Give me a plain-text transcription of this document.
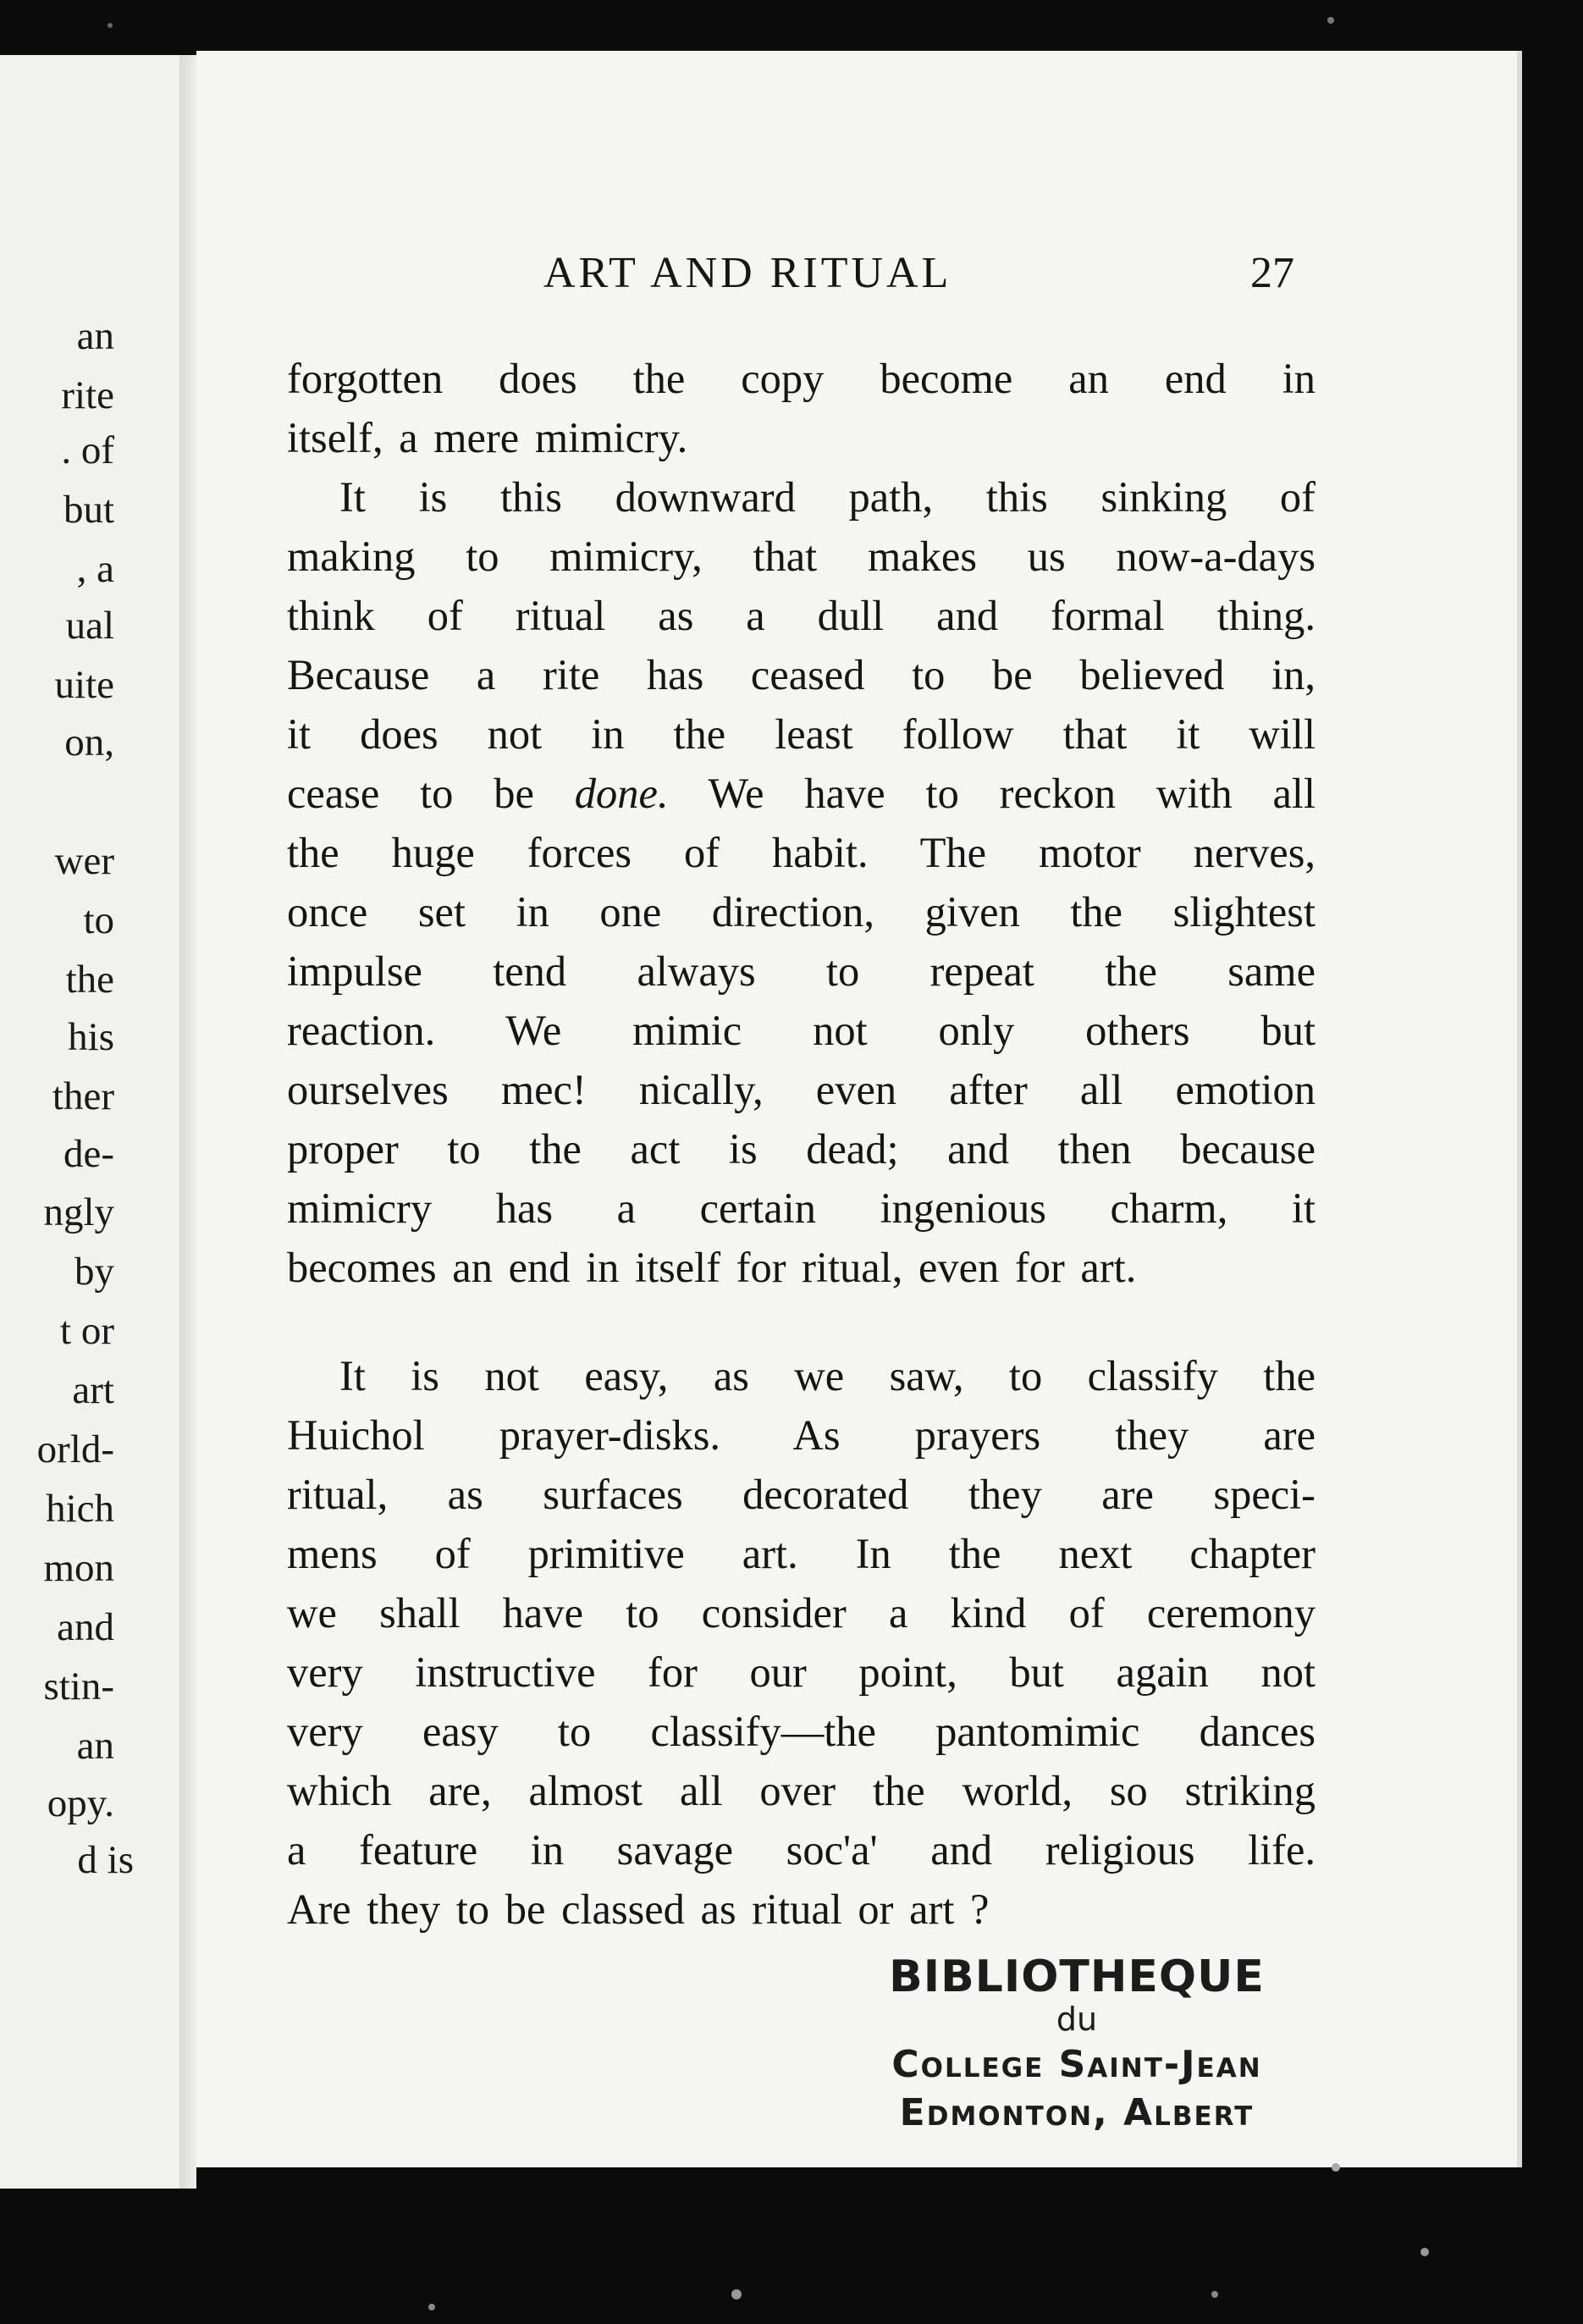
an
rite
. of
but
, a
ual
uite
on,
wer
to
the
his
ther
de-
ngly
by
t or
art
orld-
hich
mon
and
stin-
an
opy.
d is
ART AND RITUAL	27
forgotten does the copy become an end in
itself, a mere mimicry.
It is this downward path, this sinking of
making to mimicry, that makes us now-a-days
think of ritual as a dull and formal thing.
Because a rite has ceased to be believed in,
it does not in the least follow that it will
cease to be done. We have to reckon with all
the huge forces of habit. The motor nerves,
once set in one direction, given the slightest
impulse tend always to repeat the same
reaction. We mimic not only others but
ourselves mec! nically, even after all emotion
proper to the act is dead; and then because
mimicry has a certain ingenious charm, it
becomes an end in itself for ritual, even for art.
It is not easy, as we saw, to classify the
Huichol prayer-disks. As prayers they are
ritual, as surfaces decorated they are speci-
mens of primitive art. In the next chapter
we shall have to consider a kind of ceremony
very instructive for our point, but again not
very easy to classify—the pantomimic dances
which are, almost all over the world, so striking
a feature in savage soc'a' and religious life.
Are they to be classed as ritual or art ?
BIBLIOTHEQUE
du
College Saint-Jean
Edmonton, Albert
